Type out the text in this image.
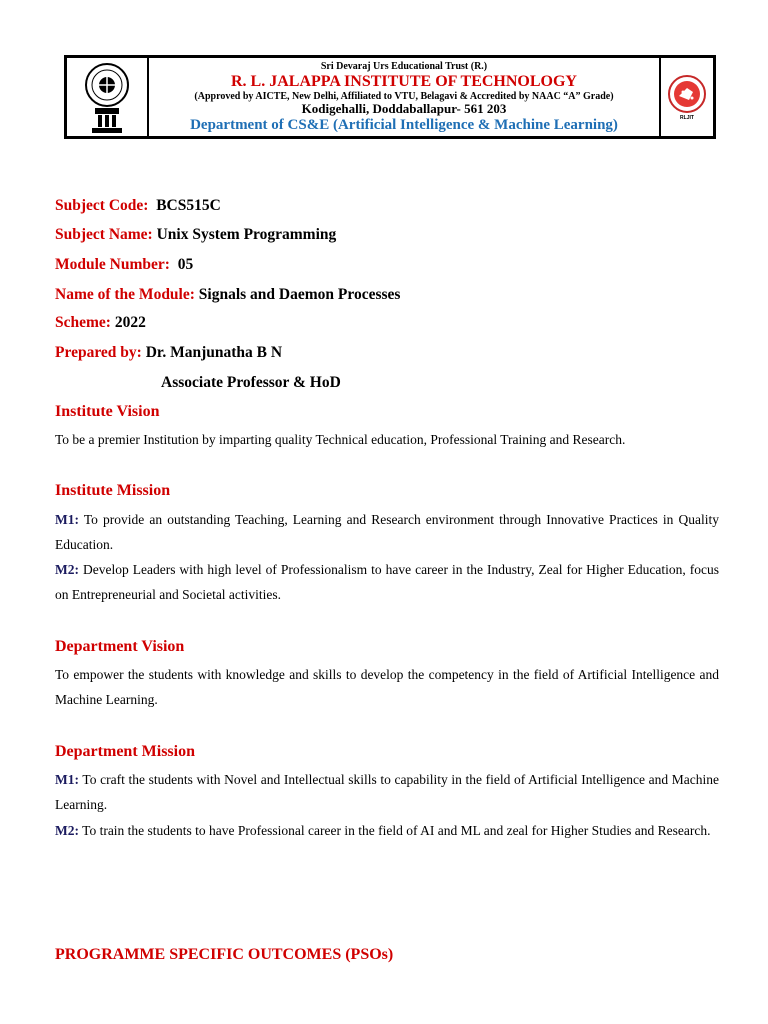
Sri Devaraj Urs Educational Trust (R.)
R. L. JALAPPA INSTITUTE OF TECHNOLOGY
(Approved by AICTE, New Delhi, Affiliated to VTU, Belagavi & Accredited by NAAC “A” Grade)
Kodigehalli, Doddaballapur- 561 203
Department of CS&E (Artificial Intelligence & Machine Learning)	RLJIT
Subject Code: BCS515C
Subject Name: Unix System Programming
Module Number: 05
Name of the Module: Signals and Daemon Processes
Scheme: 2022
Prepared by: Dr. Manjunatha B N
Associate Professor & HoD
Institute Vision
To be a premier Institution by imparting quality Technical education, Professional Training and Research.
Institute Mission
M1: To provide an outstanding Teaching, Learning and Research environment through Innovative Practices in Quality Education.
M2: Develop Leaders with high level of Professionalism to have career in the Industry, Zeal for Higher Education, focus on Entrepreneurial and Societal activities.
Department Vision
To empower the students with knowledge and skills to develop the competency in the field of Artificial Intelligence and Machine Learning.
Department Mission
M1: To craft the students with Novel and Intellectual skills to capability in the field of Artificial Intelligence and Machine Learning.
M2: To train the students to have Professional career in the field of AI and ML and zeal for Higher Studies and Research.
PROGRAMME SPECIFIC OUTCOMES (PSOs)
